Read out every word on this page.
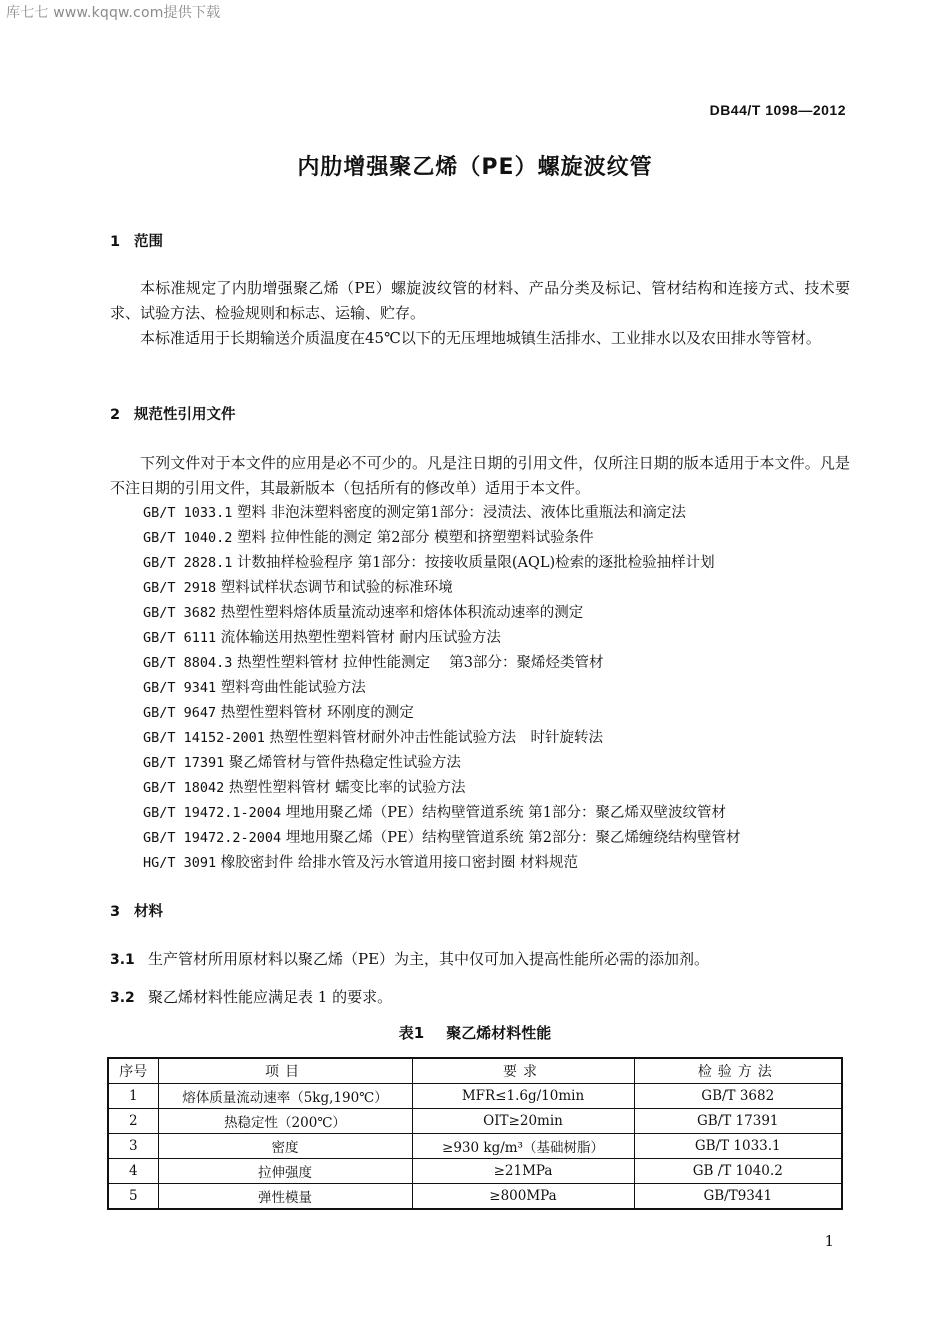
库七七 www.kqqw.com提供下载
DB44/T 1098—2012
内肋增强聚乙烯（PE）螺旋波纹管
1 范围

本标准规定了内肋增强聚乙烯（PE）螺旋波纹管的材料、产品分类及标记、管材结构和连接方式、技术要求、试验方法、检验规则和标志、运输、贮存。

本标准适用于长期输送介质温度在45℃以下的无压埋地城镇生活排水、工业排水以及农田排水等管材。

2 规范性引用文件

下列文件对于本文件的应用是必不可少的。凡是注日期的引用文件，仅所注日期的版本适用于本文件。凡是不注日期的引用文件，其最新版本（包括所有的修改单）适用于本文件。

GB/T 1033.1 塑料 非泡沫塑料密度的测定第1部分：浸渍法、液体比重瓶法和滴定法
GB/T 1040.2 塑料 拉伸性能的测定 第2部分 模塑和挤塑塑料试验条件
GB/T 2828.1 计数抽样检验程序 第1部分：按接收质量限(AQL)检索的逐批检验抽样计划
GB/T 2918 塑料试样状态调节和试验的标准环境
GB/T 3682 热塑性塑料熔体质量流动速率和熔体体积流动速率的测定
GB/T 6111 流体输送用热塑性塑料管材 耐内压试验方法
GB/T 8804.3 热塑性塑料管材 拉伸性能测定　 第3部分：聚烯烃类管材
GB/T 9341 塑料弯曲性能试验方法
GB/T 9647 热塑性塑料管材 环刚度的测定
GB/T 14152-2001 热塑性塑料管材耐外冲击性能试验方法　时针旋转法
GB/T 17391 聚乙烯管材与管件热稳定性试验方法
GB/T 18042 热塑性塑料管材 蠕变比率的试验方法
GB/T 19472.1-2004 埋地用聚乙烯（PE）结构壁管道系统 第1部分：聚乙烯双壁波纹管材
GB/T 19472.2-2004 埋地用聚乙烯（PE）结构壁管道系统 第2部分：聚乙烯缠绕结构壁管材
HG/T 3091 橡胶密封件 给排水管及污水管道用接口密封圈 材料规范
3 材料
3.1 生产管材所用原材料以聚乙烯（PE）为主，其中仅可加入提高性能所必需的添加剂。
3.2 聚乙烯材料性能应满足表 1 的要求。
表1 聚乙烯材料性能
序号	项目	要求	检验方法
1	熔体质量流动速率（5kg,190℃）	MFR≤1.6g/10min	GB/T 3682
2	热稳定性（200℃）	OIT≥20min	GB/T 17391
3	密度	≥930 kg/m³（基础树脂）	GB/T 1033.1
4	拉伸强度	≥21MPa	GB /T 1040.2
5	弹性模量	≥800MPa	GB/T9341
1
